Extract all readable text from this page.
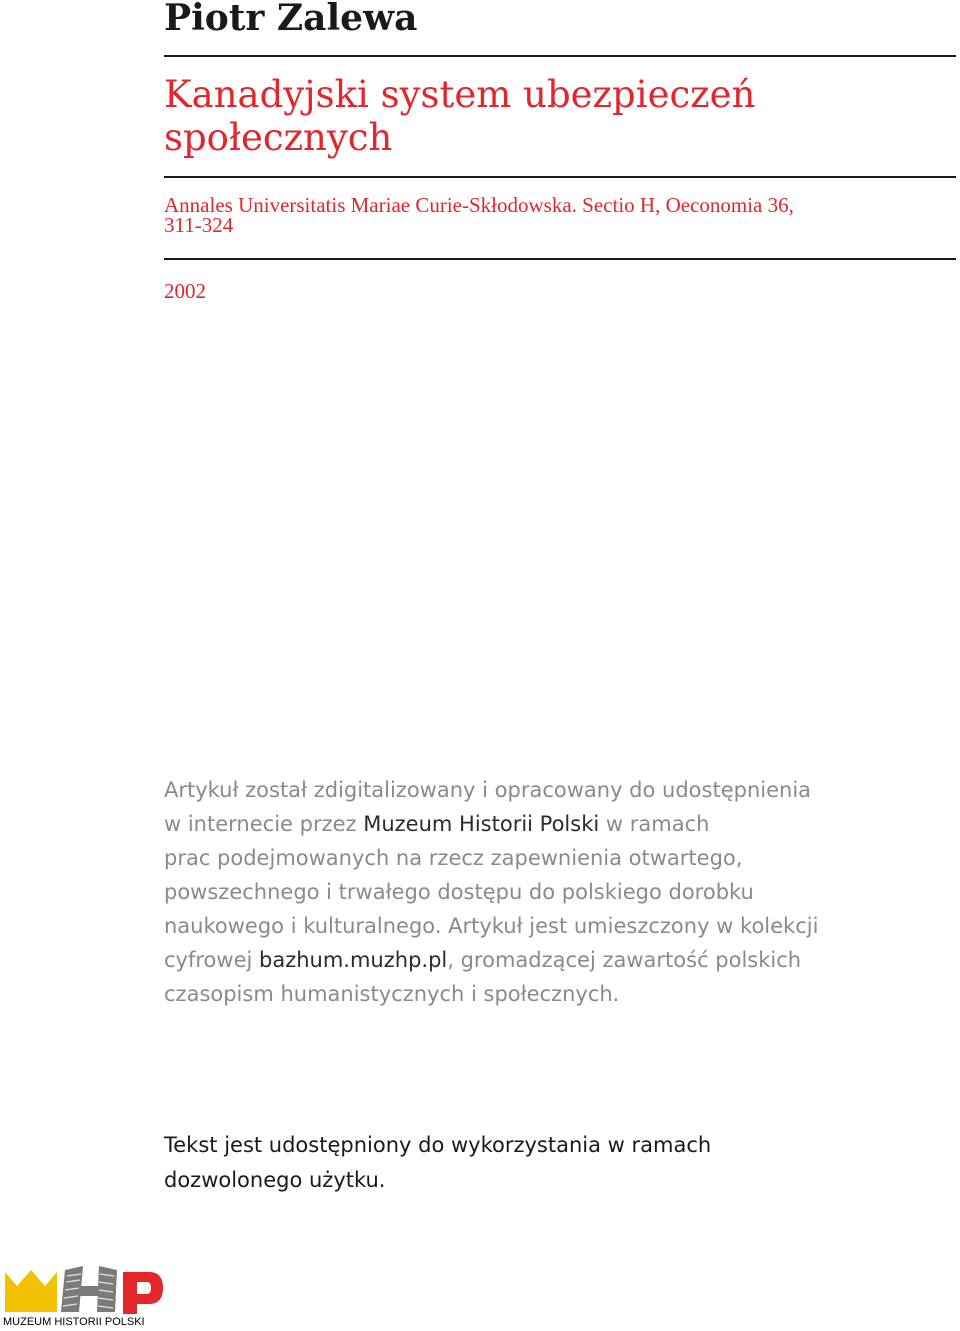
Piotr Zalewa
Kanadyjski system ubezpieczeń
społecznych
Annales Universitatis Mariae Curie-Skłodowska. Sectio H, Oeconomia 36,
311-324
2002
Artykuł został zdigitalizowany i opracowany do udostępnienia
w internecie przez Muzeum Historii Polski w ramach
prac podejmowanych na rzecz zapewnienia otwartego,
powszechnego i trwałego dostępu do polskiego dorobku
naukowego i kulturalnego. Artykuł jest umieszczony w kolekcji
cyfrowej bazhum.muzhp.pl, gromadzącej zawartość polskich
czasopism humanistycznych i społecznych.
Tekst jest udostępniony do wykorzystania w ramach
dozwolonego użytku.
MUZEUM HISTORII POLSKI
